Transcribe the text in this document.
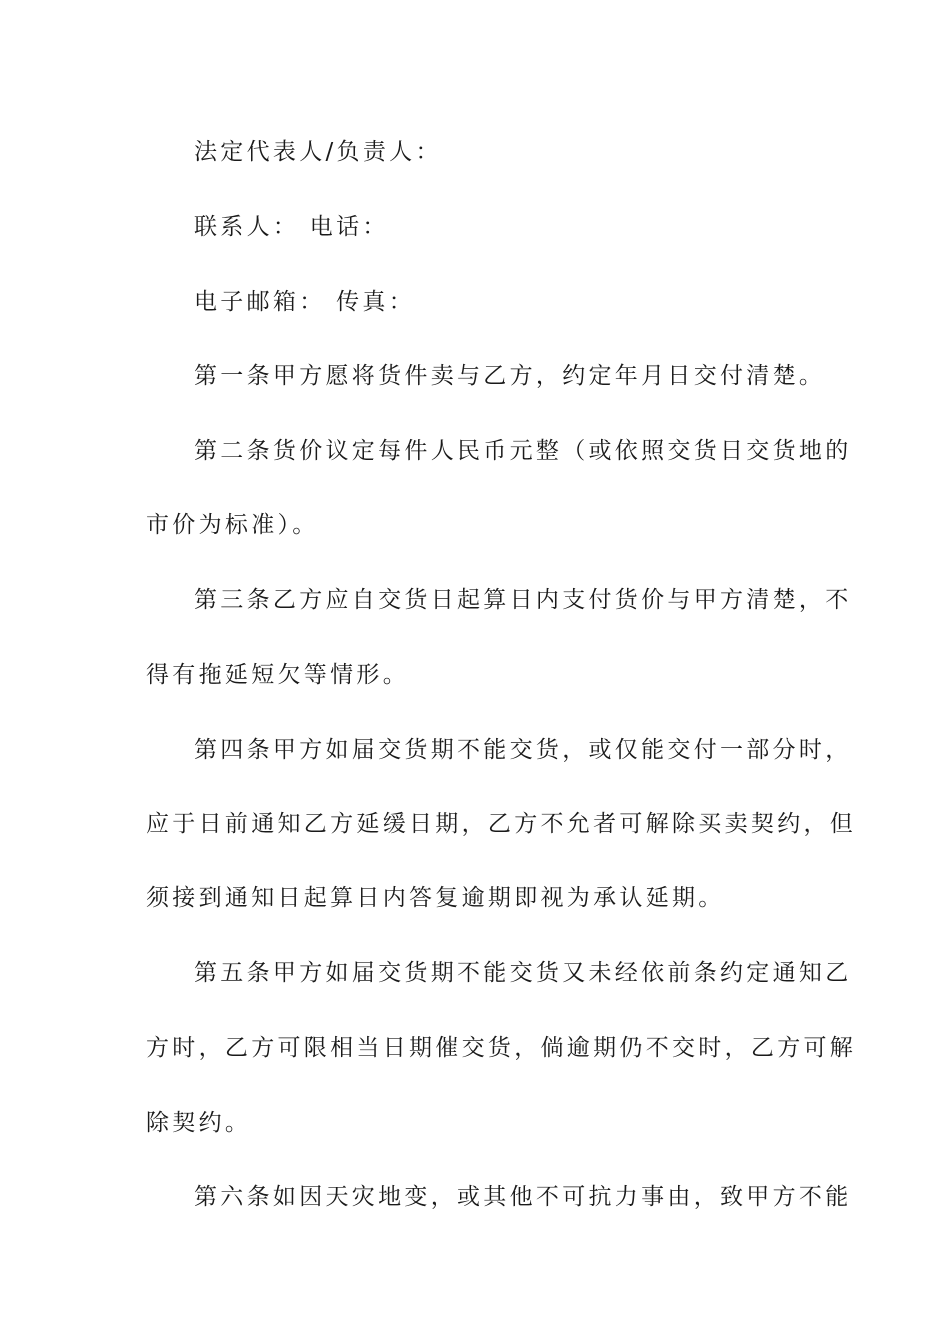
法定代表人/负责人：
联系人： 电话：
电子邮箱： 传真：
第一条甲方愿将货件卖与乙方，约定年月日交付清楚。
第二条货价议定每件人民币元整（或依照交货日交货地的
市价为标准）。
第三条乙方应自交货日起算日内支付货价与甲方清楚，不
得有拖延短欠等情形。
第四条甲方如届交货期不能交货，或仅能交付一部分时，
应于日前通知乙方延缓日期，乙方不允者可解除买卖契约，但
须接到通知日起算日内答复逾期即视为承认延期。
第五条甲方如届交货期不能交货又未经依前条约定通知乙
方时，乙方可限相当日期催交货，倘逾期仍不交时，乙方可解
除契约。
第六条如因天灾地变，或其他不可抗力事由，致甲方不能
